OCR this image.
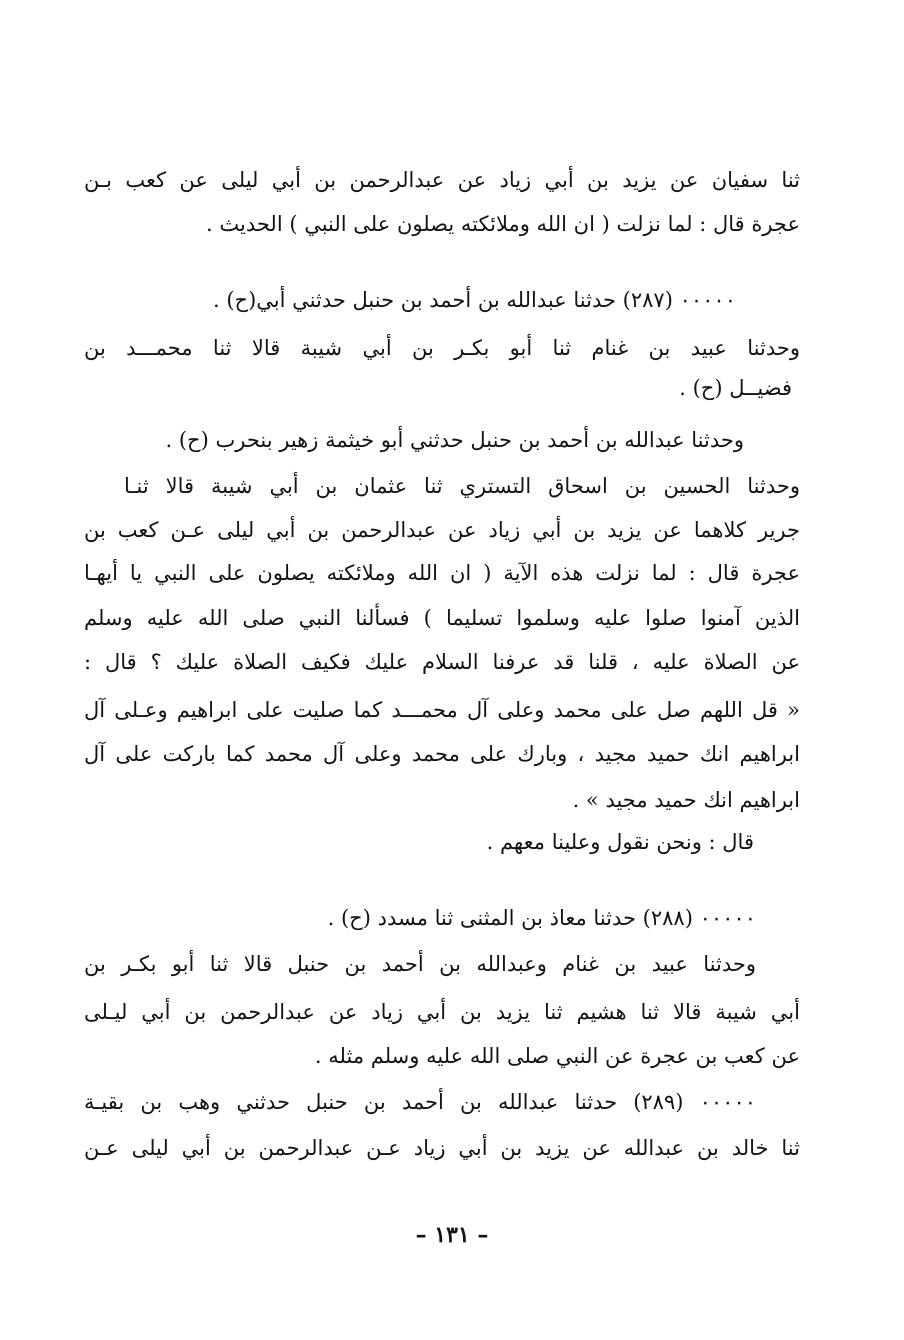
ثنا سفيان عن يزيد بن أبي زياد عن عبدالرحمن بن أبي ليلى عن كعب بـن
عجرة قال : لما نزلت ( ان الله وملائكته يصلون على النبي ) الحديث .
٠٠٠٠٠ (٢٨٧) حدثنا عبدالله بن أحمد بن حنبل حدثني أبي(ح) .
وحدثنا عبيد بن غنام ثنا أبو بكـر بن أبي شيبة قالا ثنا محمـــد بن
فضيــل (ح) .
وحدثنا عبدالله بن أحمد بن حنبل حدثني أبو خيثمة زهير بنحرب (ح) .
وحدثنا الحسين بن اسحاق التستري ثنا عثمان بن أبي شيبة قالا ثنـا
جرير كلاهما عن يزيد بن أبي زياد عن عبدالرحمن بن أبي ليلى عـن كعب بن
عجرة قال : لما نزلت هذه الآية ( ان الله وملائكته يصلون على النبي يا أيهـا
الذين آمنوا صلوا عليه وسلموا تسليما ) فسألنا النبي صلى الله عليه وسلم
عن الصلاة عليه ، قلنا قد عرفنا السلام عليك فكيف الصلاة عليك ؟ قال :
« قل اللهم صل على محمد وعلى آل محمـــد كما صليت على ابراهيم وعـلى آل
ابراهيم انك حميد مجيد ، وبارك على محمد وعلى آل محمد كما باركت على آل
ابراهيم انك حميد مجيد » .
قال : ونحن نقول وعلينا معهم .
٠٠٠٠٠ (٢٨٨) حدثنا معاذ بن المثنى ثنا مسدد (ح) .
وحدثنا عبيد بن غنام وعبدالله بن أحمد بن حنبل قالا ثنا أبو بكـر بن
أبي شيبة قالا ثنا هشيم ثنا يزيد بن أبي زياد عن عبدالرحمن بن أبي ليـلى
عن كعب بن عجرة عن النبي صلى الله عليه وسلم مثله .
٠٠٠٠٠ (٢٨٩) حدثنا عبدالله بن أحمد بن حنبل حدثني وهب بن بقيـة
ثنا خالد بن عبدالله عن يزيد بن أبي زياد عـن عبدالرحمن بن أبي ليلى عـن
– ١٣١ –
